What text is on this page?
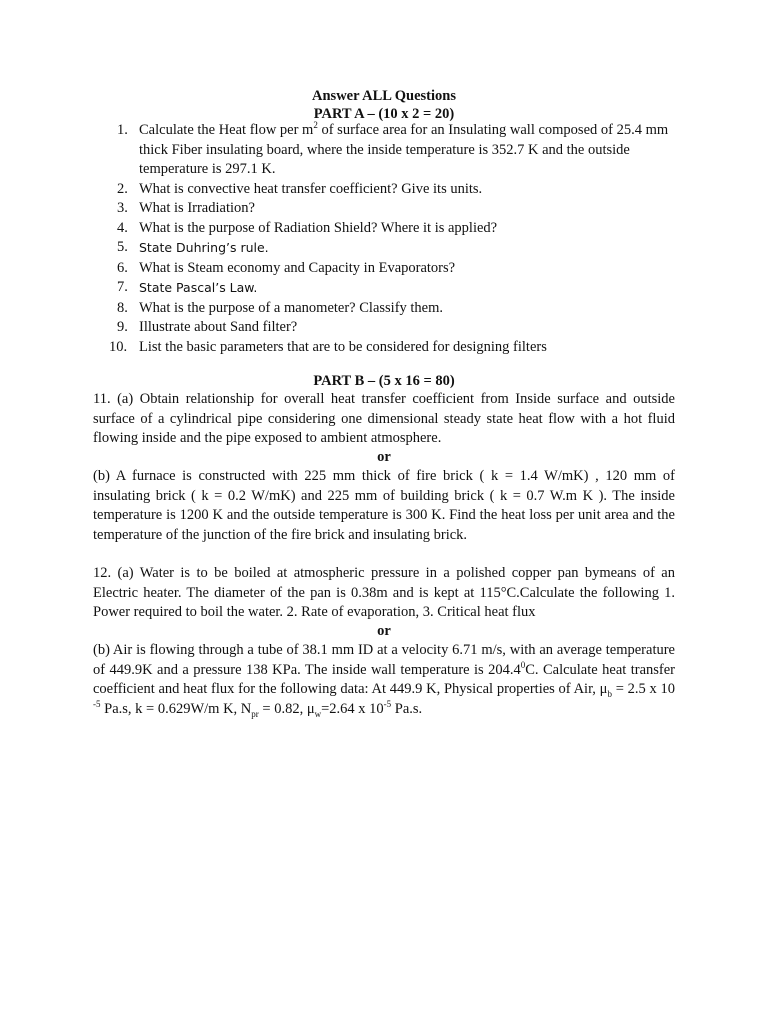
Answer ALL Questions
PART A – (10 x 2 = 20)
1. Calculate the Heat flow per $m^2$ of surface area for an Insulating wall composed of 25.4 mm thick Fiber insulating board, where the inside temperature is 352.7 K and the outside temperature is 297.1 K.
2. What is convective heat transfer coefficient? Give its units.
3. What is Irradiation?
4. What is the purpose of Radiation Shield? Where it is applied?
5. State Duhring’s rule.
6. What is Steam economy and Capacity in Evaporators?
7. State Pascal’s Law.
8. What is the purpose of a manometer? Classify them.
9. Illustrate about Sand filter?
10. List the basic parameters that are to be considered for designing filters
PART B – (5 x 16 = 80)

11. (a) Obtain relationship for overall heat transfer coefficient from Inside surface and outside surface of a cylindrical pipe considering one dimensional steady state heat flow with a hot fluid flowing inside and the pipe exposed to ambient atmosphere.

or

(b) A furnace is constructed with 225 mm thick of fire brick ( k = 1.4 W/mK) , 120 mm of insulating brick ( k = 0.2 W/mK) and 225 mm of building brick ( k = 0.7 W.m K ). The inside temperature is 1200 K and the outside temperature is 300 K. Find the heat loss per unit area and the temperature of the junction of the fire brick and insulating brick.

12. (a) Water is to be boiled at atmospheric pressure in a polished copper pan bymeans of an Electric heater. The diameter of the pan is 0.38m and is kept at 115°C.Calculate the following 1. Power required to boil the water. 2. Rate of evaporation, 3. Critical heat flux

or

(b) Air is flowing through a tube of 38.1 mm ID at a velocity 6.71 m/s, with an average temperature of 449.9K and a pressure 138 KPa. The inside wall temperature is 204.4$^0$C. Calculate heat transfer coefficient and heat flux for the following data: At 449.9 K, Physical properties of Air, $\mu_b = 2.5$ x 10 $^{-5}$ Pa.s, k = 0.629W/m K, $N_{pr} = 0.82$, $\mu_w=2.64$ x $10^{-5}$ Pa.s.
